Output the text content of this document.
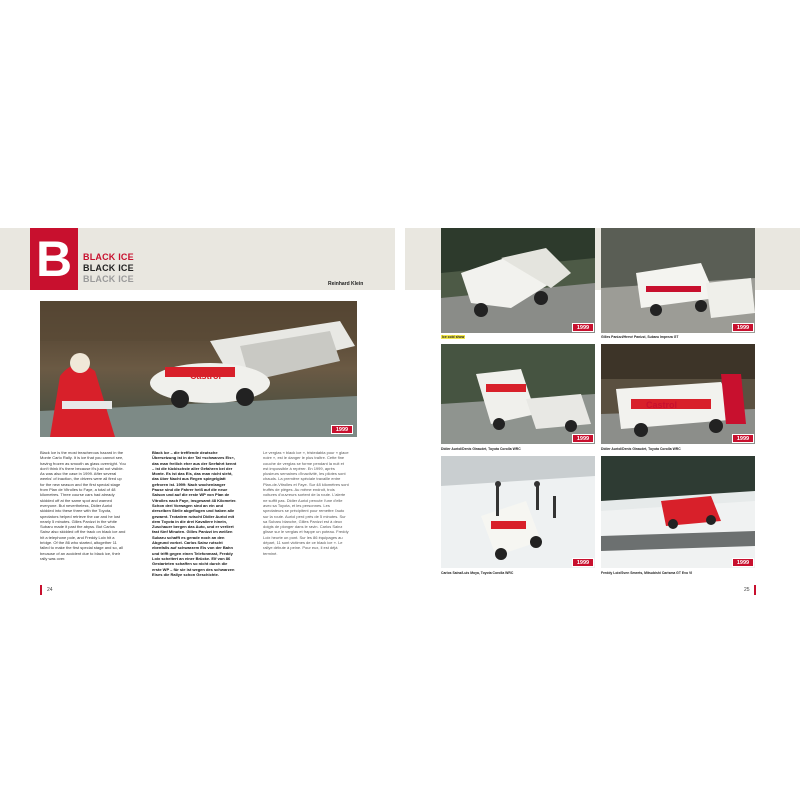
B	BLACK ICE
BLACK ICE
BLACK ICE	Reinhard Klein
Castrol
1999
Black Ice is the most treacherous hazard in the Monte Carlo Rally. It is ice that you cannot see, having frozen as smooth as glass overnight. You don't think it's there because it's just not visible. As was also the case in 1999. After several weeks' of inaction, the drivers were all fired up for the new season and the first special stage from Plan de Vitrolles to Faye, a total of 48 kilometres. Three course cars had already skidded off at the same spot and warned everyone. But nevertheless, Didier Auriol skidded into these three with the Toyota, spectators helped retrieve the car and he lost nearly 5 minutes. Gilles Panizzi in the white Subaru made it past the abyss. But Carlos Sainz also skidded off the track on black ice and hit a telephone pole, and Freddy Loix hit a bridge. Of the 86 who started, altogether 11 failed to make the first special stage and so, all because of an accident due to black ice, their rally was over.
Black Ice – die trefflende deutsche Übersetzung ist in der Tat »schwarzes Eis«, das man freilich eher aus der Seefahrt kennt – ist die tückischste aller Gefahren bei der Monte. Es ist das Eis, das man nicht sieht, das über Nacht aus Regen spiegelglatt gefroren ist. 1999: Nach wochenlanger Pause sind die Fahrer heiß auf die neue Saison und auf die erste WP von Plan de Vitrolles nach Faye, insgesamt 48 Kilometer. Schon drei Vorwagen sind an ein und derselben Stelle abgeflogen und haben alle gewarnt. Trotzdem rutscht Didier Auriol mit dem Toyota in die drei Kavaliere hinein, Zuschauer bergen das Auto, und er verliert fast fünf Minuten. Gilles Panizzi im weißen Subaru schafft es gerade noch an den Abgrund vorbei. Carlos Sainz rutscht ebenfalls auf schwarzem Eis von der Bahn und trifft gegen einen Telefonmast, Freddy Loix scheitert an einer Brücke. Elf von 86 Gestarteten schaffen so nicht durch die erste WP – für sie ist wegen des schwarzen Eises die Rallye schon Geschichte.
Le verglas « black ice », tristedabla pour « glace noire », est le danger le plus traître. Cette fine couche de verglas se forme pendant la nuit et est impossible à repérer. En 1999, après plusieurs semaines d'inactivité, les pilotes sont chauds. La première spéciale travaille entre Plan-de-Vitrolles et Faye. Sur 48 kilomètres sont truffés de pièges. Au même endroit, trois voitures d'ouvreurs sortent de la route. L'alerte ne suffit pas. Didier Auriol percute l'une d'elle avec sa Toyota, et les personnes. Les spectateurs se précipitent pour remettre l'auto sur la route. Auriol perd près de 5 minutes. Sur sa Subaru blanche, Gilles Panizzi est à deux doigts de plonger dans le ravin. Carlos Sainz glisse sur le verglas et frappe un poteau. Freddy Loix heurte un pont. Sur les 86 équipages au départ, 11 sont victimes de ce black ice ». Le rallye débute à peine. Pour eux, il est déjà terminé.
24
1999
Ice cold show
1999
Gilles Panizzi/Hervé Panizzi, Subaru Impreza GT
1999
Didier Auriol/Denis Giraudet, Toyota Corolla WRC
Castrol
1999
Didier Auriol/Denis Giraudet, Toyota Corolla WRC
1999
Carlos Sainz/Luis Moya, Toyota Corolla WRC
1999
Freddy Loix/Sven Smeets, Mitsubishi Carisma GT Evo VI
25
